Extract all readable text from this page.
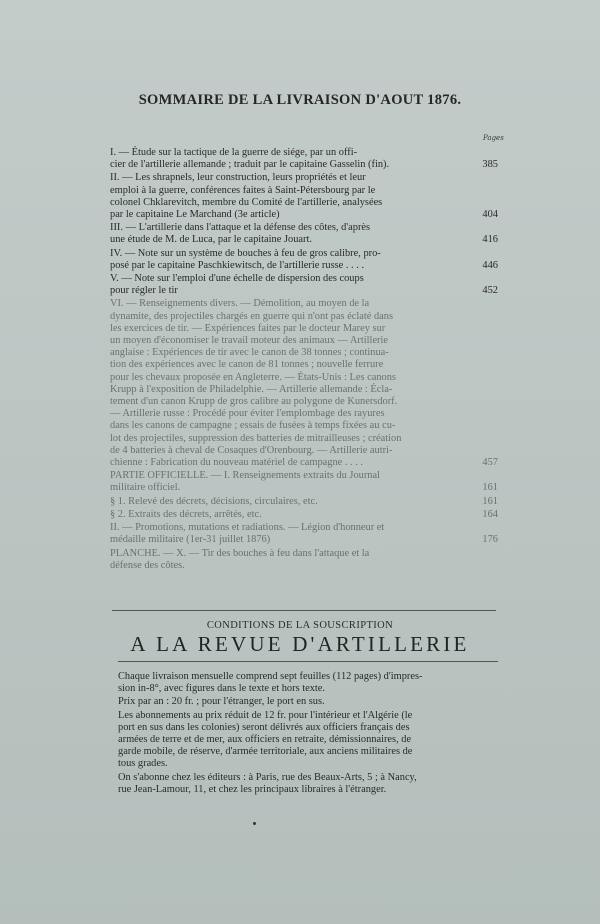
SOMMAIRE DE LA LIVRAISON D'AOUT 1876.
Pages
I. — Étude sur la tactique de la guerre de siége, par un offi-
cier de l'artillerie allemande ; traduit par le capitaine Gasselin (fin).	385
II. — Les shrapnels, leur construction, leurs propriétés et leur
emploi à la guerre, conférences faites à Saint-Pétersbourg par le
colonel Chklarevitch, membre du Comité de l'artillerie, analysées
par le capitaine Le Marchand (3e article)	404
III. — L'artillerie dans l'attaque et la défense des côtes, d'après
une étude de M. de Luca, par le capitaine Jouart.	416
IV. — Note sur un système de bouches à feu de gros calibre, pro-
posé par le capitaine Paschkiewitsch, de l'artillerie russe . . . .	446
V. — Note sur l'emploi d'une échelle de dispersion des coups
pour régler le tir	452
VI. — Renseignements divers. — Démolition, au moyen de la
dynamite, des projectiles chargés en guerre qui n'ont pas éclaté dans
les exercices de tir. — Expériences faites par le docteur Marey sur
un moyen d'économiser le travail moteur des animaux — Artillerie
anglaise : Expériences de tir avec le canon de 38 tonnes ; continua-
tion des expériences avec le canon de 81 tonnes ; nouvelle ferrure
pour les chevaux proposée en Angleterre. — États-Unis : Les canons
Krupp à l'exposition de Philadelphie. — Artillerie allemande : Écla-
tement d'un canon Krupp de gros calibre au polygone de Kunersdorf.
— Artillerie russe : Procédé pour éviter l'emplombage des rayures
dans les canons de campagne ; essais de fusées à temps fixées au cu-
lot des projectiles, suppression des batteries de mitrailleuses ; création
de 4 batteries à cheval de Cosaques d'Orenbourg. — Artillerie autri-
chienne : Fabrication du nouveau matériel de campagne . . . .	457
PARTIE OFFICIELLE. — I. Renseignements extraits du Journal
militaire officiel.	161
§ 1. Relevé des décrets, décisions, circulaires, etc.	161
§ 2. Extraits des décrets, arrêtés, etc.	164
II. — Promotions, mutations et radiations. — Légion d'honneur et
médaille militaire (1er-31 juillet 1876)	176
PLANCHE. — X. — Tir des bouches à feu dans l'attaque et la
défense des côtes.
CONDITIONS DE LA SOUSCRIPTION
A LA REVUE D'ARTILLERIE
Chaque livraison mensuelle comprend sept feuilles (112 pages) d'impres-
sion in-8°, avec figures dans le texte et hors texte.
Prix par an : 20 fr. ; pour l'étranger, le port en sus.
Les abonnements au prix réduit de 12 fr. pour l'intérieur et l'Algérie (le
port en sus dans les colonies) seront délivrés aux officiers français des
armées de terre et de mer, aux officiers en retraite, démissionnaires, de
garde mobile, de réserve, d'armée territoriale, aux anciens militaires de
tous grades.
On s'abonne chez les éditeurs : à Paris, rue des Beaux-Arts, 5 ; à Nancy,
rue Jean-Lamour, 11, et chez les principaux libraires à l'étranger.
